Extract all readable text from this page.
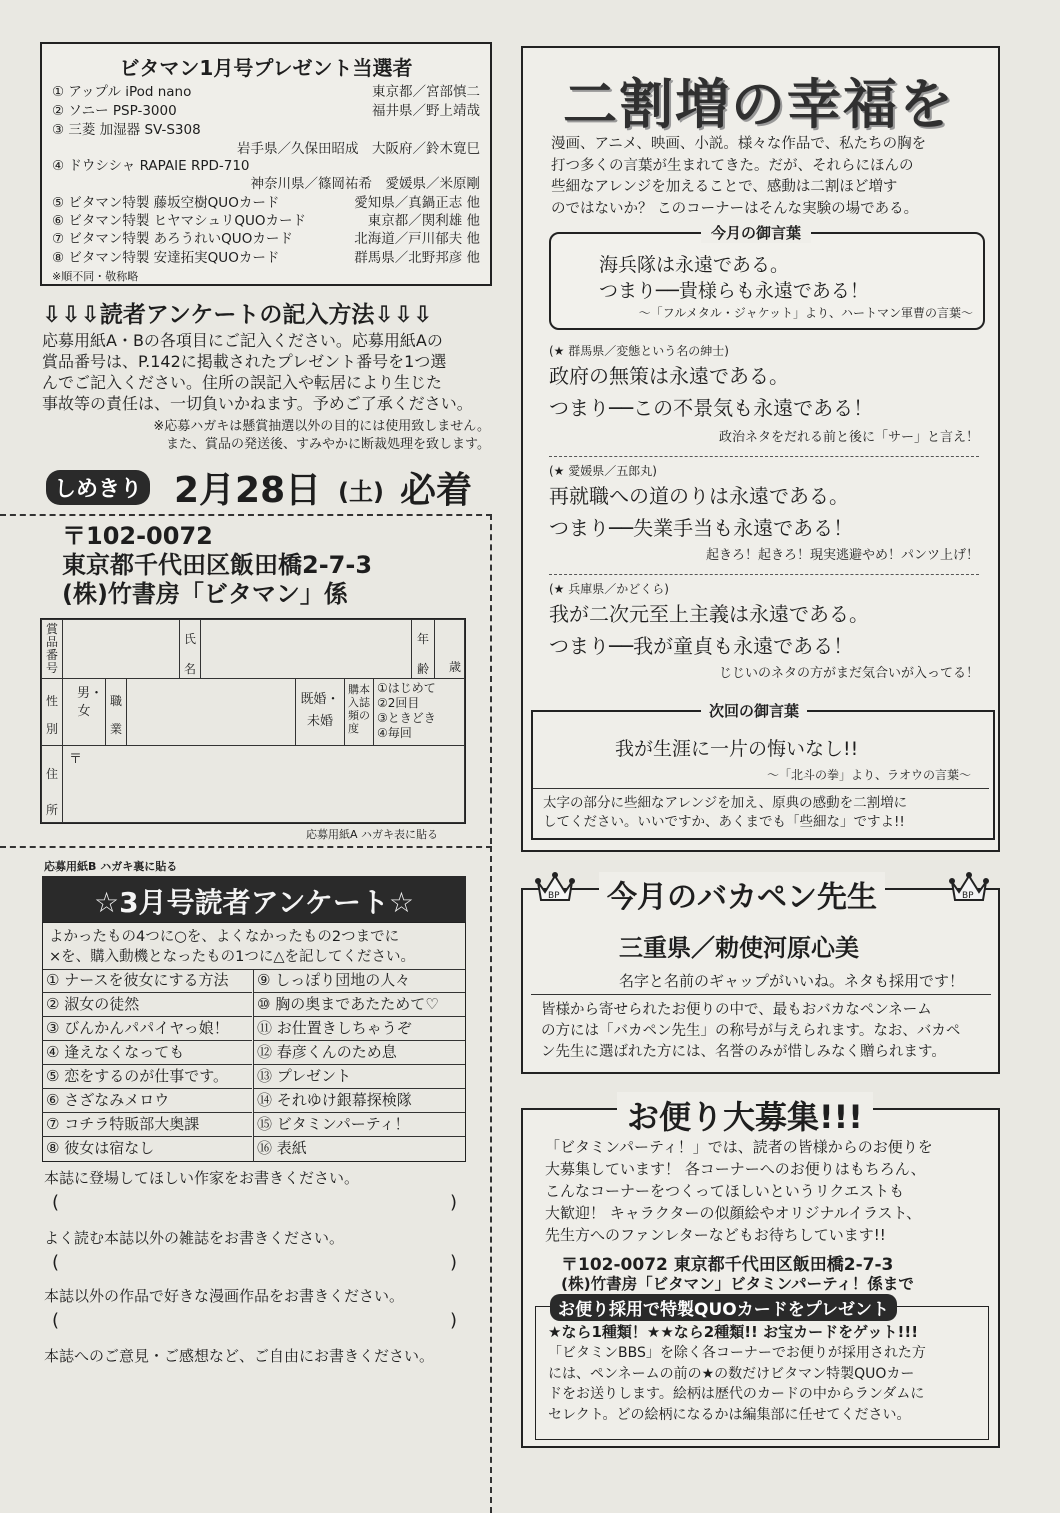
ビタマン1月号プレゼント当選者
① アップル iPod nano	東京都／宮部慎二
② ソニー PSP-3000	福井県／野上靖哉
③ 三菱 加湿器 SV-S308
岩手県／久保田昭成　大阪府／鈴木寛巳
④ ドウシシャ RAPAIE RPD-710
神奈川県／篠岡祐希　愛媛県／米原剛
⑤ ビタマン特製 藤坂空樹QUOカード	愛知県／真鍋正志 他
⑥ ビタマン特製 ヒヤマシュリQUOカード	東京都／関利雄 他
⑦ ビタマン特製 あろうれいQUOカード	北海道／戸川郁夫 他
⑧ ビタマン特製 安達拓実QUOカード	群馬県／北野邦彦 他
※順不同・敬称略
⇩⇩⇩読者アンケートの記入方法⇩⇩⇩
応募用紙A・Bの各項目にご記入ください。応募用紙Aの
賞品番号は、P.142に掲載されたプレゼント番号を1つ選
んでご記入ください。住所の誤記入や転居により生じた
事故等の責任は、一切負いかねます。予めご了承ください。
※応募ハガキは懸賞抽選以外の目的には使用致しません。
また、賞品の発送後、すみやかに断裁処理を致します。
しめきり 2月28日 (土) 必着
〒102-0072
東京都千代田区飯田橋2-7-3
(株)竹書房「ビタマン」係
賞品番号
氏名
年齢 歳
性別
男・女
職業
既婚・未婚
購本入誌頻の度
①はじめて
②2回目
③ときどき
④毎回
住所
〒
応募用紙A ハガキ表に貼る
応募用紙B ハガキ裏に貼る
☆3月号読者アンケート☆
よかったもの4つに○を、よくなかったもの2つまでに
×を、購入動機となったもの1つに△を記してください。
① ナースを彼女にする方法
② 淑女の徒然
③ びんかんパパイヤっ娘！
④ 逢えなくなっても
⑤ 恋をするのが仕事です。
⑥ さざなみメロウ
⑦ コチラ特販部大奥課
⑧ 彼女は宿なし
⑨ しっぽり団地の人々
⑩ 胸の奥まであたためて♡
⑪ お仕置きしちゃうぞ
⑫ 春彦くんのため息
⑬ プレゼント
⑭ それゆけ銀幕探検隊
⑮ ビタミンパーティ！
⑯ 表紙
本誌に登場してほしい作家をお書きください。
(	)
よく読む本誌以外の雑誌をお書きください。
(	)
本誌以外の作品で好きな漫画作品をお書きください。
(	)
本誌へのご意見・ご感想など、ご自由にお書きください。
二割増の幸福を
漫画、アニメ、映画、小説。様々な作品で、私たちの胸を
打つ多くの言葉が生まれてきた。だが、それらにほんの
些細なアレンジを加えることで、感動は二割ほど増す
のではないか？ このコーナーはそんな実験の場である。
今月の御言葉
海兵隊は永遠である。
つまり──貴様らも永遠である！
〜「フルメタル・ジャケット」より、ハートマン軍曹の言葉〜
(★ 群馬県／変態という名の紳士)
政府の無策は永遠である。
つまり──この不景気も永遠である！
政治ネタをだれる前と後に「サー」と言え！
(★ 愛媛県／五郎丸)
再就職への道のりは永遠である。
つまり──失業手当も永遠である！
起きろ！起きろ！現実逃避やめ！パンツ上げ！
(★ 兵庫県／かどくら)
我が二次元至上主義は永遠である。
つまり──我が童貞も永遠である！
じじいのネタの方がまだ気合いが入ってる！
次回の御言葉
我が生涯に一片の悔いなし!!
〜「北斗の拳」より、ラオウの言葉〜
太字の部分に些細なアレンジを加え、原典の感動を二割増に
してください。いいですか、あくまでも「些細な」ですよ!!
BP	BP
今月のバカペン先生
三重県／勅使河原心美
名字と名前のギャップがいいね。ネタも採用です！
皆様から寄せられたお便りの中で、最もおバカなペンネーム
の方には「バカペン先生」の称号が与えられます。なお、バカペ
ン先生に選ばれた方には、名誉のみが惜しみなく贈られます。
お便り大募集!!!
「ビタミンパーティ！」では、読者の皆様からのお便りを
大募集しています！ 各コーナーへのお便りはもちろん、
こんなコーナーをつくってほしいというリクエストも
大歓迎！ キャラクターの似顔絵やオリジナルイラスト、
先生方へのファンレターなどもお待ちしています!!
〒102-0072 東京都千代田区飯田橋2-7-3
(株)竹書房「ビタマン」ビタミンパーティ！係まで
お便り採用で特製QUOカードをプレゼント
★なら1種類！★★なら2種類!! お宝カードをゲット!!!
「ビタミンBBS」を除く各コーナーでお便りが採用された方
には、ペンネームの前の★の数だけビタマン特製QUOカー
ドをお送りします。絵柄は歴代のカードの中からランダムに
セレクト。どの絵柄になるかは編集部に任せてください。
